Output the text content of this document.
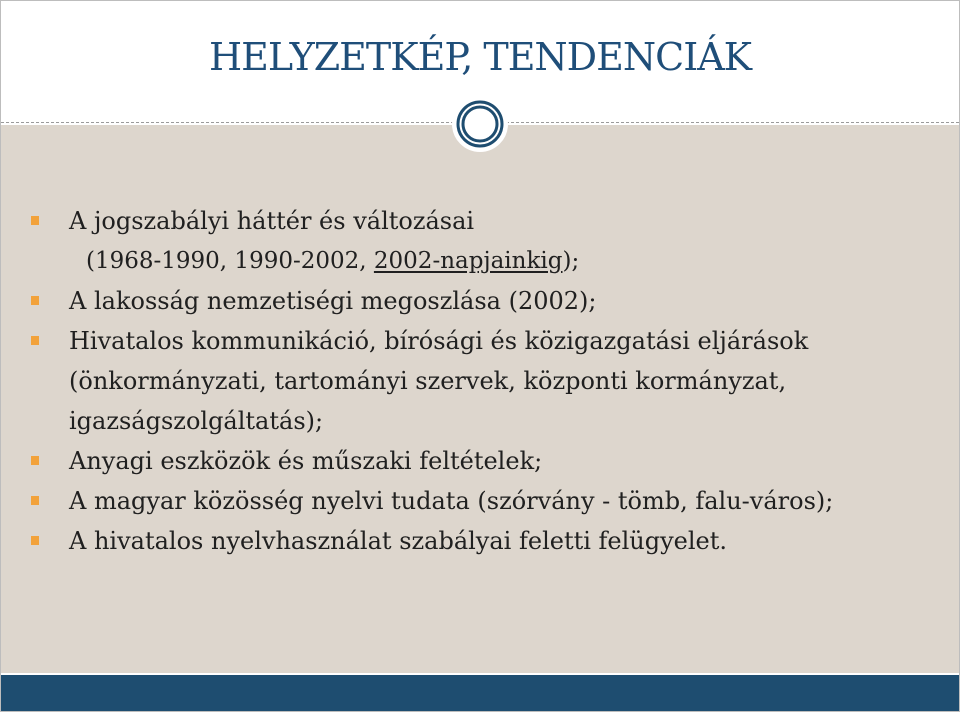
HELYZETKÉP, TENDENCIÁK
A jogszabályi háttér és változásai
(1968-1990, 1990-2002, 2002-napjainkig);
A lakosság nemzetiségi megoszlása (2002);
Hivatalos kommunikáció, bírósági és közigazgatási eljárások (önkormányzati, tartományi szervek, központi kormányzat, igazságszolgáltatás);
Anyagi eszközök és műszaki feltételek;
A magyar közösség nyelvi tudata (szórvány - tömb, falu-város);
A hivatalos nyelvhasználat szabályai feletti felügyelet.
